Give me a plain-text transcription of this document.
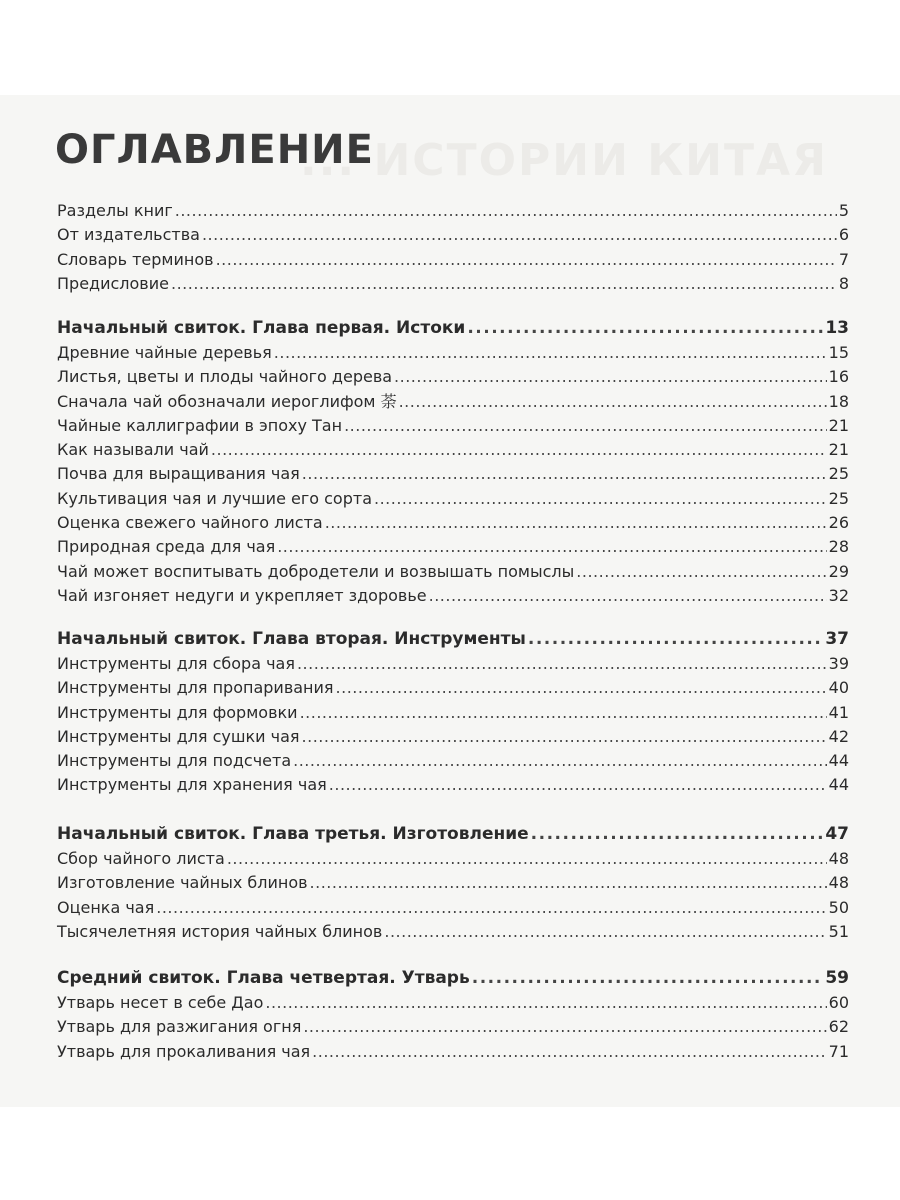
... ИСТОРИИ КИТАЯ
ОГЛАВЛЕНИЕ
Разделы книг .....	5
От издательства .....	6
Словарь терминов .....	7
Предисловие .....	8
Начальный свиток. Глава первая. Истоки .....	13
Древние чайные деревья .....	15
Листья, цветы и плоды чайного дерева .....	16
Сначала чай обозначали иероглифом 荼 .....	18
Чайные каллиграфии в эпоху Тан .....	21
Как называли чай .....	21
Почва для выращивания чая .....	25
Культивация чая и лучшие его сорта .....	25
Оценка свежего чайного листа .....	26
Природная среда для чая .....	28
Чай может воспитывать добродетели и возвышать помыслы .....	29
Чай изгоняет недуги и укрепляет здоровье .....	32
Начальный свиток. Глава вторая. Инструменты .....	37
Инструменты для сбора чая .....	39
Инструменты для пропаривания .....	40
Инструменты для формовки .....	41
Инструменты для сушки чая .....	42
Инструменты для подсчета .....	44
Инструменты для хранения чая .....	44
Начальный свиток. Глава третья. Изготовление .....	47
Сбор чайного листа .....	48
Изготовление чайных блинов .....	48
Оценка чая .....	50
Тысячелетняя история чайных блинов .....	51
Средний свиток. Глава четвертая. Утварь .....	59
Утварь несет в себе Дао .....	60
Утварь для разжигания огня .....	62
Утварь для прокаливания чая .....	71
